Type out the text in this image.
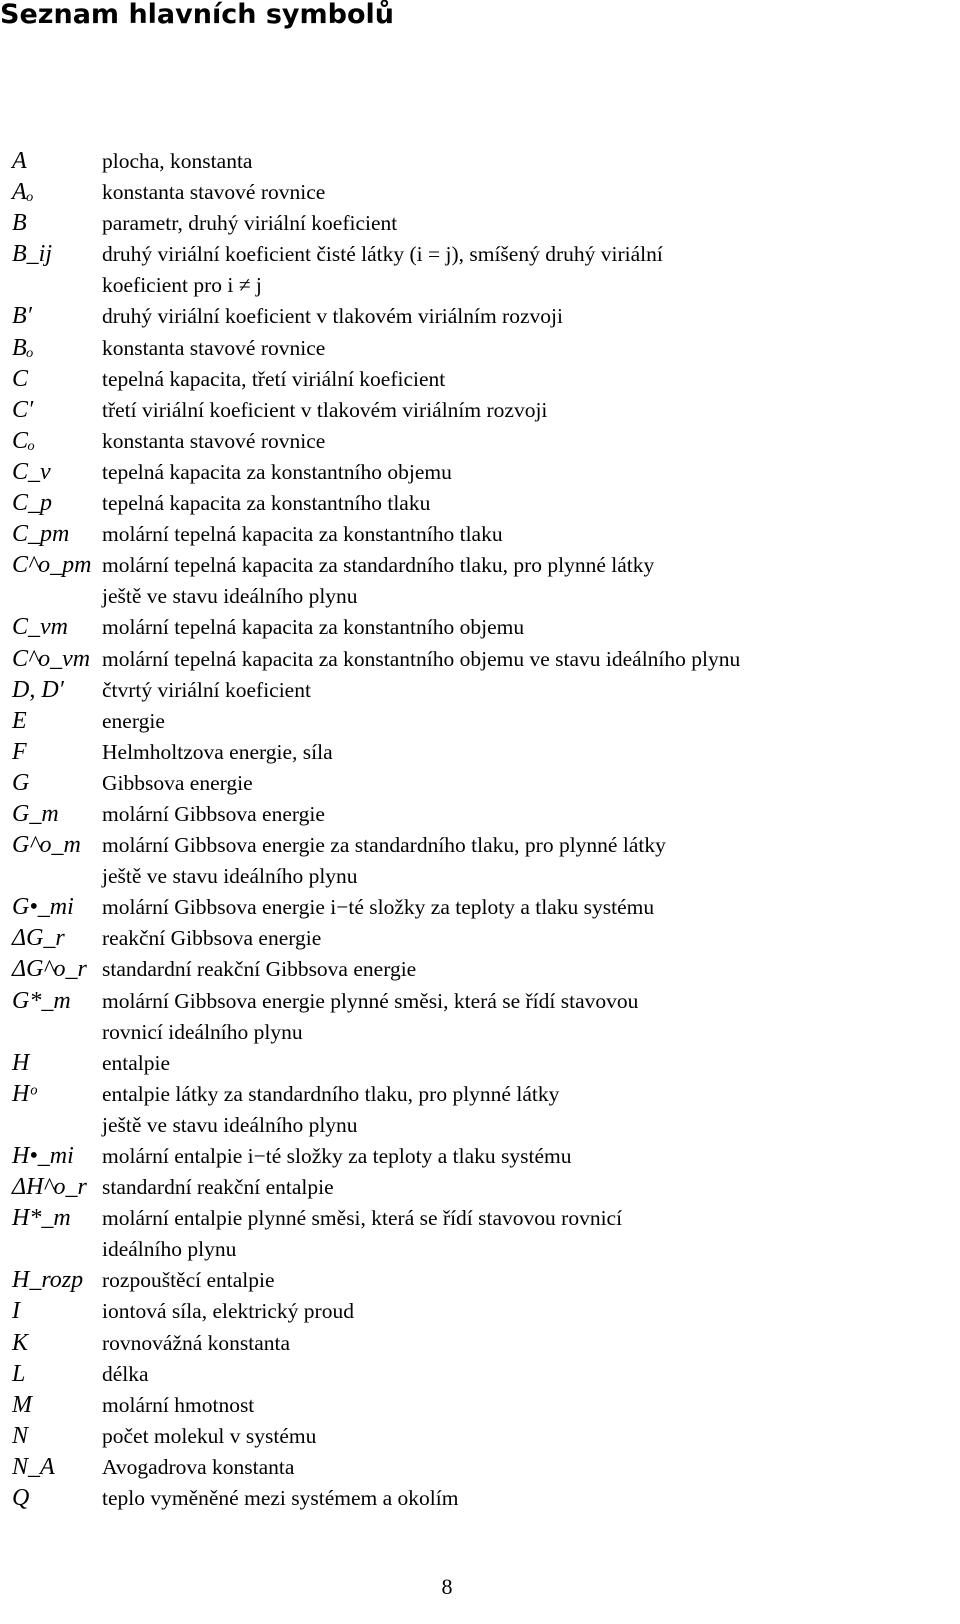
Seznam hlavních symbolů
A	plocha, konstanta
Aₒ	konstanta stavové rovnice
B	parametr, druhý viriální koeficient
B_ij	druhý viriální koeficient čisté látky (i = j), smíšený druhý viriální
koeficient pro i ≠ j
B′	druhý viriální koeficient v tlakovém viriálním rozvoji
Bₒ	konstanta stavové rovnice
C	tepelná kapacita, třetí viriální koeficient
C′	třetí viriální koeficient v tlakovém viriálním rozvoji
Cₒ	konstanta stavové rovnice
C_v	tepelná kapacita za konstantního objemu
C_p	tepelná kapacita za konstantního tlaku
C_pm	molární tepelná kapacita za konstantního tlaku
C^o_pm molární tepelná kapacita za standardního tlaku, pro plynné látky
ještě ve stavu ideálního plynu
C_vm	molární tepelná kapacita za konstantního objemu
C^o_vm molární tepelná kapacita za konstantního objemu ve stavu ideálního plynu
D, D′	čtvrtý viriální koeficient
E	energie
F	Helmholtzova energie, síla
G	Gibbsova energie
G_m	molární Gibbsova energie
G^o_m molární Gibbsova energie za standardního tlaku, pro plynné látky
ještě ve stavu ideálního plynu
G•_mi	molární Gibbsova energie i−té složky za teploty a tlaku systému
ΔG_r	reakční Gibbsova energie
ΔG^o_r standardní reakční Gibbsova energie
G*_m	molární Gibbsova energie plynné směsi, která se řídí stavovou
rovnicí ideálního plynu
H	entalpie
Hᵒ	entalpie látky za standardního tlaku, pro plynné látky
ještě ve stavu ideálního plynu
H•_mi	molární entalpie i−té složky za teploty a tlaku systému
ΔH^o_r standardní reakční entalpie
H*_m	molární entalpie plynné směsi, která se řídí stavovou rovnicí
ideálního plynu
H_rozp rozpouštěcí entalpie
I	iontová síla, elektrický proud
K	rovnovážná konstanta
L	délka
M	molární hmotnost
N	počet molekul v systému
N_A	Avogadrova konstanta
Q	teplo vyměněné mezi systémem a okolím
8
